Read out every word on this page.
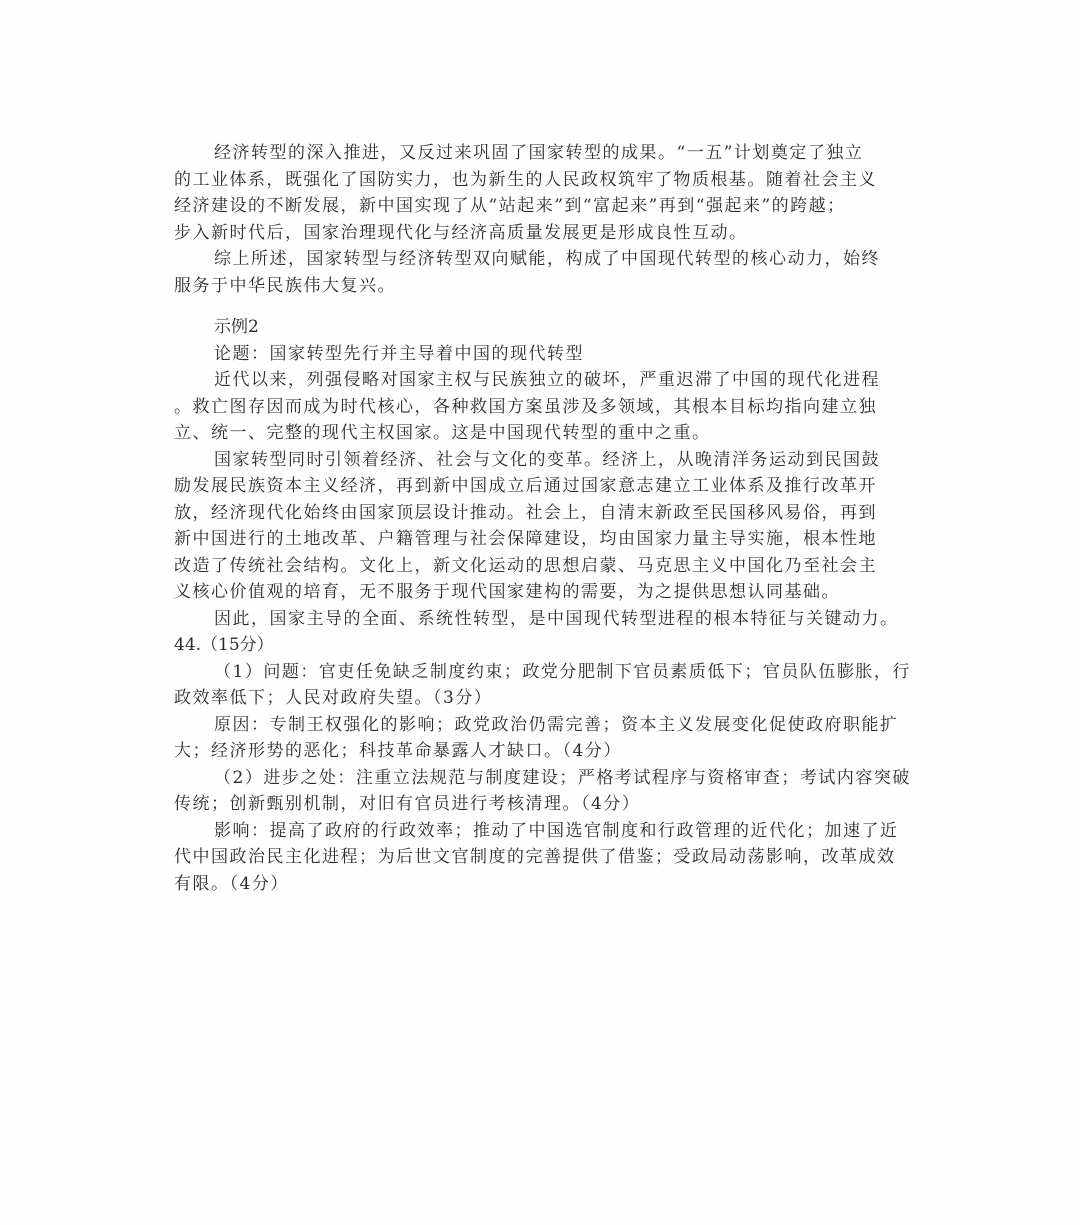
经济转型的深入推进，又反过来巩固了国家转型的成果。“一五”计划奠定了独立
的工业体系，既强化了国防实力，也为新生的人民政权筑牢了物质根基。随着社会主义
经济建设的不断发展，新中国实现了从“站起来”到“富起来”再到“强起来”的跨越；
步入新时代后，国家治理现代化与经济高质量发展更是形成良性互动。
综上所述，国家转型与经济转型双向赋能，构成了中国现代转型的核心动力，始终
服务于中华民族伟大复兴。
示例2
论题：国家转型先行并主导着中国的现代转型
近代以来，列强侵略对国家主权与民族独立的破坏，严重迟滞了中国的现代化进程
。救亡图存因而成为时代核心，各种救国方案虽涉及多领域，其根本目标均指向建立独
立、统一、完整的现代主权国家。这是中国现代转型的重中之重。
国家转型同时引领着经济、社会与文化的变革。经济上，从晚清洋务运动到民国鼓
励发展民族资本主义经济，再到新中国成立后通过国家意志建立工业体系及推行改革开
放，经济现代化始终由国家顶层设计推动。社会上，自清末新政至民国移风易俗，再到
新中国进行的土地改革、户籍管理与社会保障建设，均由国家力量主导实施，根本性地
改造了传统社会结构。文化上，新文化运动的思想启蒙、马克思主义中国化乃至社会主
义核心价值观的培育，无不服务于现代国家建构的需要，为之提供思想认同基础。
因此，国家主导的全面、系统性转型，是中国现代转型进程的根本特征与关键动力。
44.（15分）
（1）问题：官吏任免缺乏制度约束；政党分肥制下官员素质低下；官员队伍膨胀，行
政效率低下；人民对政府失望。（3分）
原因：专制王权强化的影响；政党政治仍需完善；资本主义发展变化促使政府职能扩
大；经济形势的恶化；科技革命暴露人才缺口。（4分）
（2）进步之处：注重立法规范与制度建设；严格考试程序与资格审查；考试内容突破
传统；创新甄别机制，对旧有官员进行考核清理。（4分）
影响：提高了政府的行政效率；推动了中国选官制度和行政管理的近代化；加速了近
代中国政治民主化进程；为后世文官制度的完善提供了借鉴；受政局动荡影响，改革成效
有限。（4分）
